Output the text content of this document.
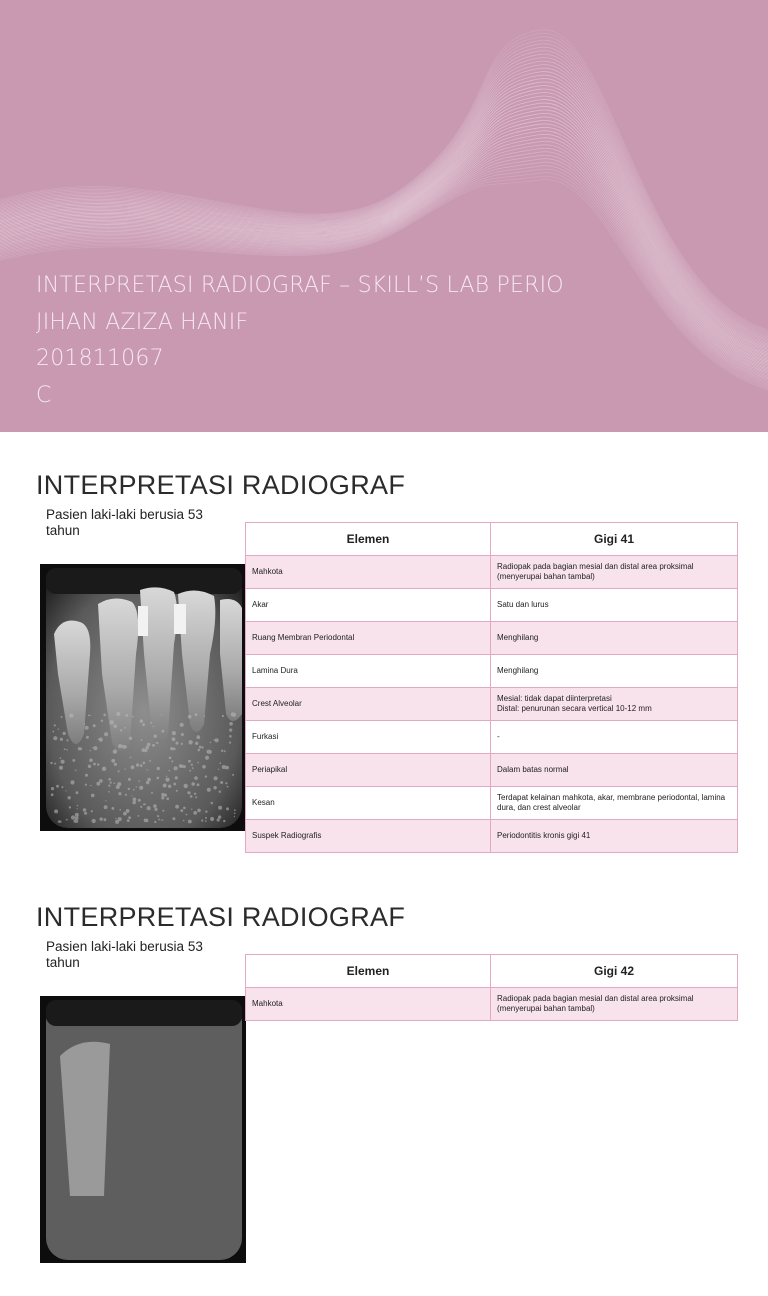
INTERPRETASI RADIOGRAF – SKILL’S LAB PERIO
JIHAN AZIZA HANIF
201811067
C
INTERPRETASI RADIOGRAF
Pasien laki-laki berusia 53 tahun
Elemen	Gigi 41
Mahkota	Radiopak pada bagian mesial dan distal area proksimal (menyerupai bahan tambal)
Akar	Satu dan lurus
Ruang Membran Periodontal	Menghilang
Lamina Dura	Menghilang
Crest Alveolar	Mesial: tidak dapat diinterpretasi
Distal: penurunan secara vertical 10-12 mm
Furkasi	-
Periapikal	Dalam batas normal
Kesan	Terdapat kelainan mahkota, akar, membrane periodontal, lamina dura, dan crest alveolar
Suspek Radiografis	Periodontitis kronis gigi 41
INTERPRETASI RADIOGRAF
Pasien laki-laki berusia 53 tahun
Elemen	Gigi 42
Mahkota	Radiopak pada bagian mesial dan distal area proksimal (menyerupai bahan tambal)
